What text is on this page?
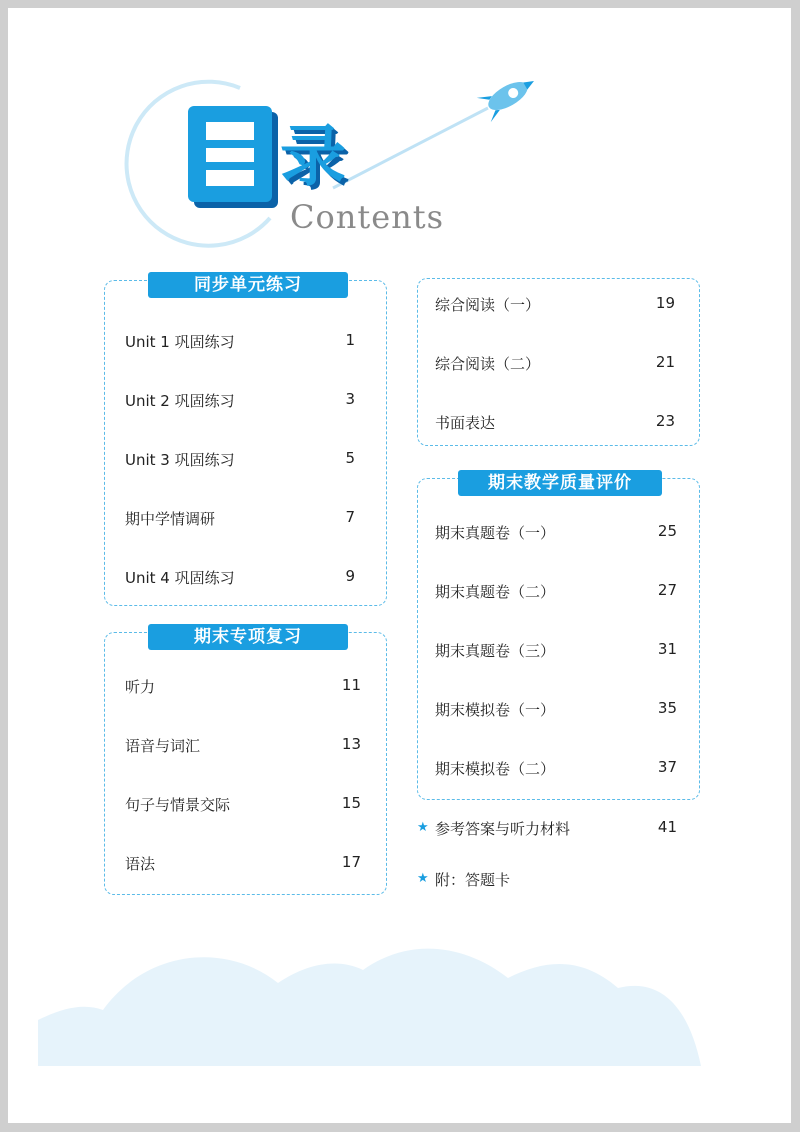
录
Contents
同步单元练习
Unit 1 巩固练习	1
Unit 2 巩固练习	3
Unit 3 巩固练习	5
期中学情调研	7
Unit 4 巩固练习	9
期末专项复习
听力	11
语音与词汇	13
句子与情景交际	15
语法	17
综合阅读（一）	19
综合阅读（二）	21
书面表达	23
期末教学质量评价
期末真题卷（一）	25
期末真题卷（二）	27
期末真题卷（三）	31
期末模拟卷（一）	35
期末模拟卷（二）	37
★ 参考答案与听力材料	41
★ 附：答题卡
